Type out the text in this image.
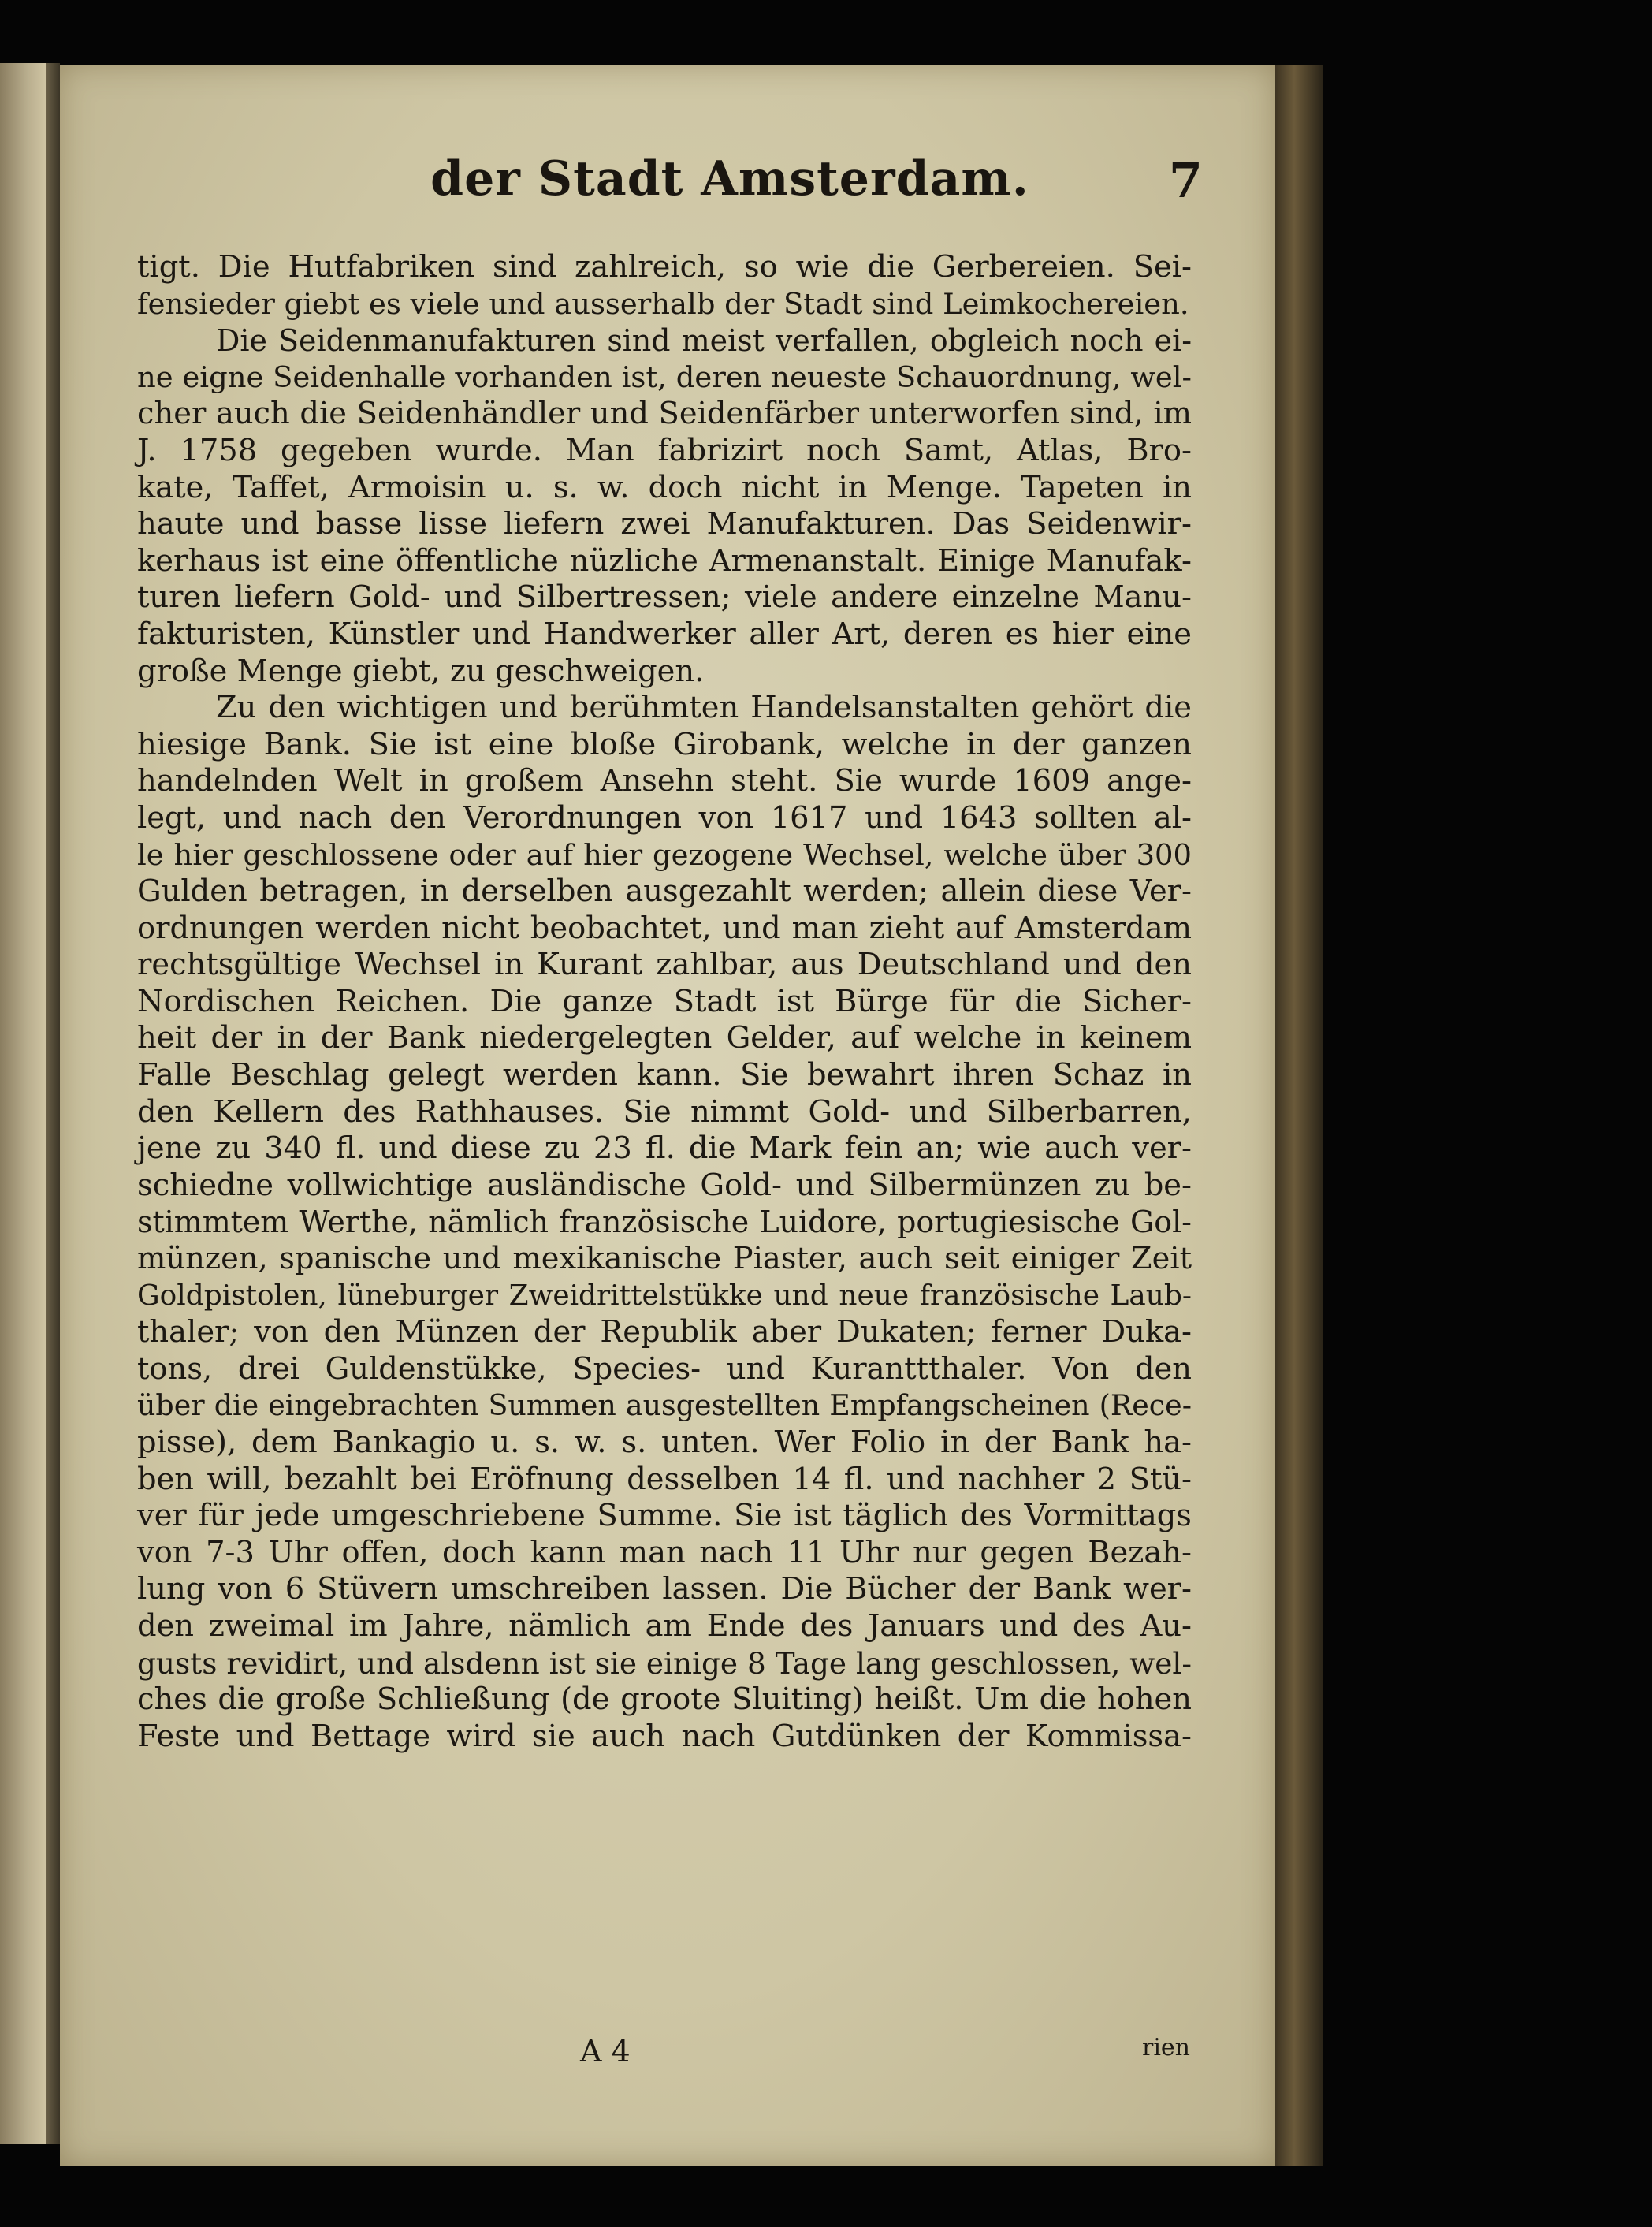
der Stadt Amsterdam.	7
tigt. Die Hutfabriken sind zahlreich, so wie die Gerbereien. Sei-
fensieder giebt es viele und ausserhalb der Stadt sind Leimkochereien.
Die Seidenmanufakturen sind meist verfallen, obgleich noch ei-
ne eigne Seidenhalle vorhanden ist, deren neueste Schauordnung, wel-
cher auch die Seidenhändler und Seidenfärber unterworfen sind, im
J. 1758 gegeben wurde. Man fabrizirt noch Samt, Atlas, Bro-
kate, Taffet, Armoisin u. s. w. doch nicht in Menge. Tapeten in
haute und basse lisse liefern zwei Manufakturen. Das Seidenwir-
kerhaus ist eine öffentliche nüzliche Armenanstalt. Einige Manufak-
turen liefern Gold- und Silbertressen; viele andere einzelne Manu-
fakturisten, Künstler und Handwerker aller Art, deren es hier eine
große Menge giebt, zu geschweigen.
Zu den wichtigen und berühmten Handelsanstalten gehört die
hiesige Bank. Sie ist eine bloße Girobank, welche in der ganzen
handelnden Welt in großem Ansehn steht. Sie wurde 1609 ange-
legt, und nach den Verordnungen von 1617 und 1643 sollten al-
le hier geschlossene oder auf hier gezogene Wechsel, welche über 300
Gulden betragen, in derselben ausgezahlt werden; allein diese Ver-
ordnungen werden nicht beobachtet, und man zieht auf Amsterdam
rechtsgültige Wechsel in Kurant zahlbar, aus Deutschland und den
Nordischen Reichen. Die ganze Stadt ist Bürge für die Sicher-
heit der in der Bank niedergelegten Gelder, auf welche in keinem
Falle Beschlag gelegt werden kann. Sie bewahrt ihren Schaz in
den Kellern des Rathhauses. Sie nimmt Gold- und Silberbarren,
jene zu 340 fl. und diese zu 23 fl. die Mark fein an; wie auch ver-
schiedne vollwichtige ausländische Gold- und Silbermünzen zu be-
stimmtem Werthe, nämlich französische Luidore, portugiesische Gol-
münzen, spanische und mexikanische Piaster, auch seit einiger Zeit
Goldpistolen, lüneburger Zweidrittelstükke und neue französische Laub-
thaler; von den Münzen der Republik aber Dukaten; ferner Duka-
tons, drei Guldenstükke, Species- und Kuranttthaler. Von den
über die eingebrachten Summen ausgestellten Empfangscheinen (Rece-
pisse), dem Bankagio u. s. w. s. unten. Wer Folio in der Bank ha-
ben will, bezahlt bei Eröfnung desselben 14 fl. und nachher 2 Stü-
ver für jede umgeschriebene Summe. Sie ist täglich des Vormittags
von 7-3 Uhr offen, doch kann man nach 11 Uhr nur gegen Bezah-
lung von 6 Stüvern umschreiben lassen. Die Bücher der Bank wer-
den zweimal im Jahre, nämlich am Ende des Januars und des Au-
gusts revidirt, und alsdenn ist sie einige 8 Tage lang geschlossen, wel-
ches die große Schließung (de groote Sluiting) heißt. Um die hohen
Feste und Bettage wird sie auch nach Gutdünken der Kommissa-
A 4	rien
